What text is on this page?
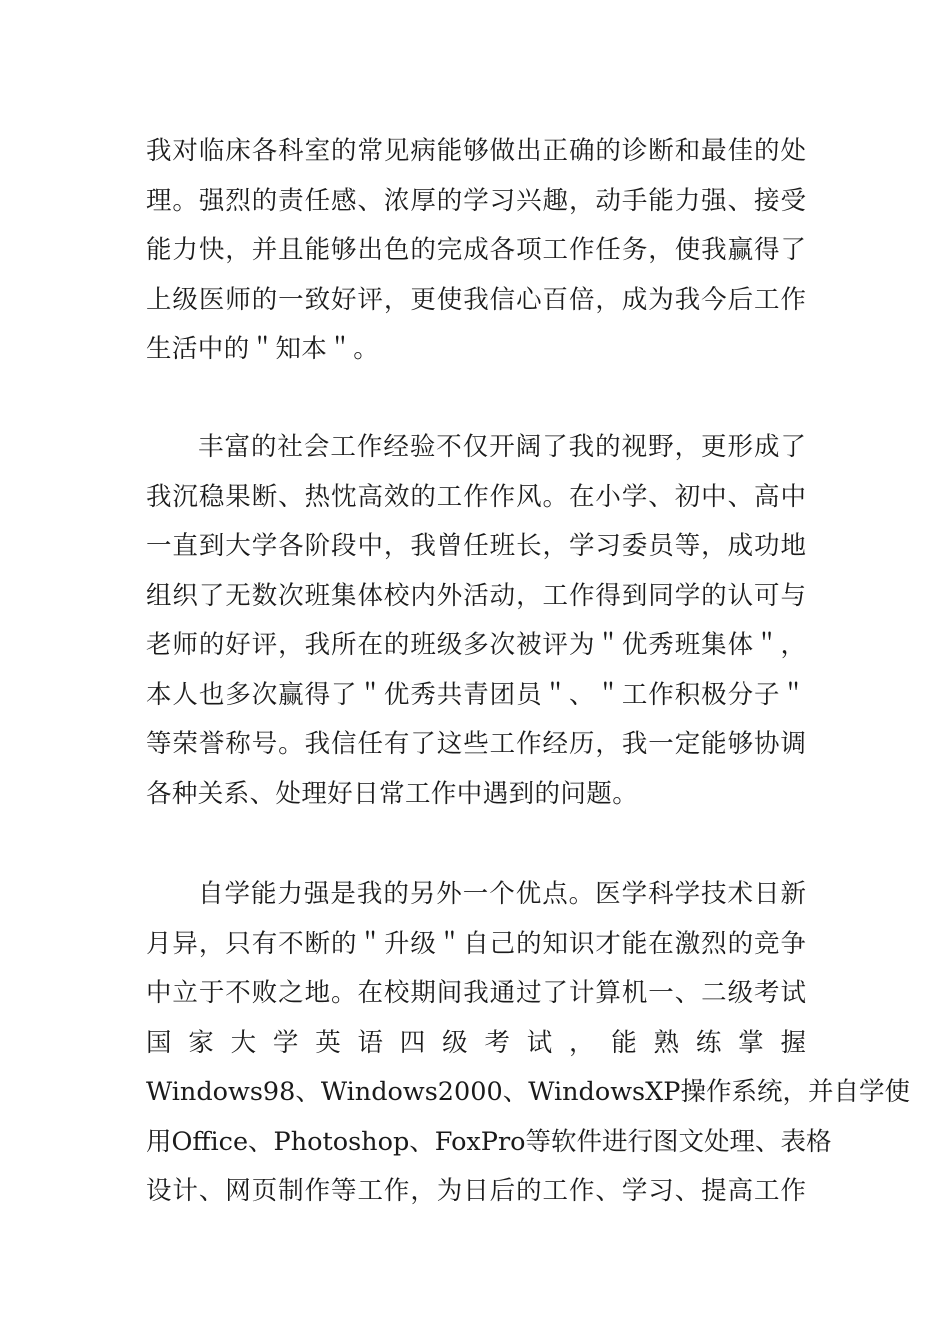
我对临床各科室的常见病能够做出正确的诊断和最佳的处
理。强烈的责任感、浓厚的学习兴趣，动手能力强、接受
能力快，并且能够出色的完成各项工作任务，使我赢得了
上级医师的一致好评，更使我信心百倍，成为我今后工作
生活中的＂知本＂。
丰富的社会工作经验不仅开阔了我的视野，更形成了
我沉稳果断、热忱高效的工作作风。在小学、初中、高中
一直到大学各阶段中，我曾任班长，学习委员等，成功地
组织了无数次班集体校内外活动，工作得到同学的认可与
老师的好评，我所在的班级多次被评为＂优秀班集体＂，
本人也多次赢得了＂优秀共青团员＂、＂工作积极分子＂
等荣誉称号。我信任有了这些工作经历，我一定能够协调
各种关系、处理好日常工作中遇到的问题。
自学能力强是我的另外一个优点。医学科学技术日新
月异，只有不断的＂升级＂自己的知识才能在激烈的竞争
中立于不败之地。在校期间我通过了计算机一、二级考试
国家大学英语四级考试，能熟练掌握
Windows98、Windows2000、WindowsXP操作系统，并自学使
用Office、Photoshop、FoxPro等软件进行图文处理、表格
设计、网页制作等工作，为日后的工作、学习、提高工作
